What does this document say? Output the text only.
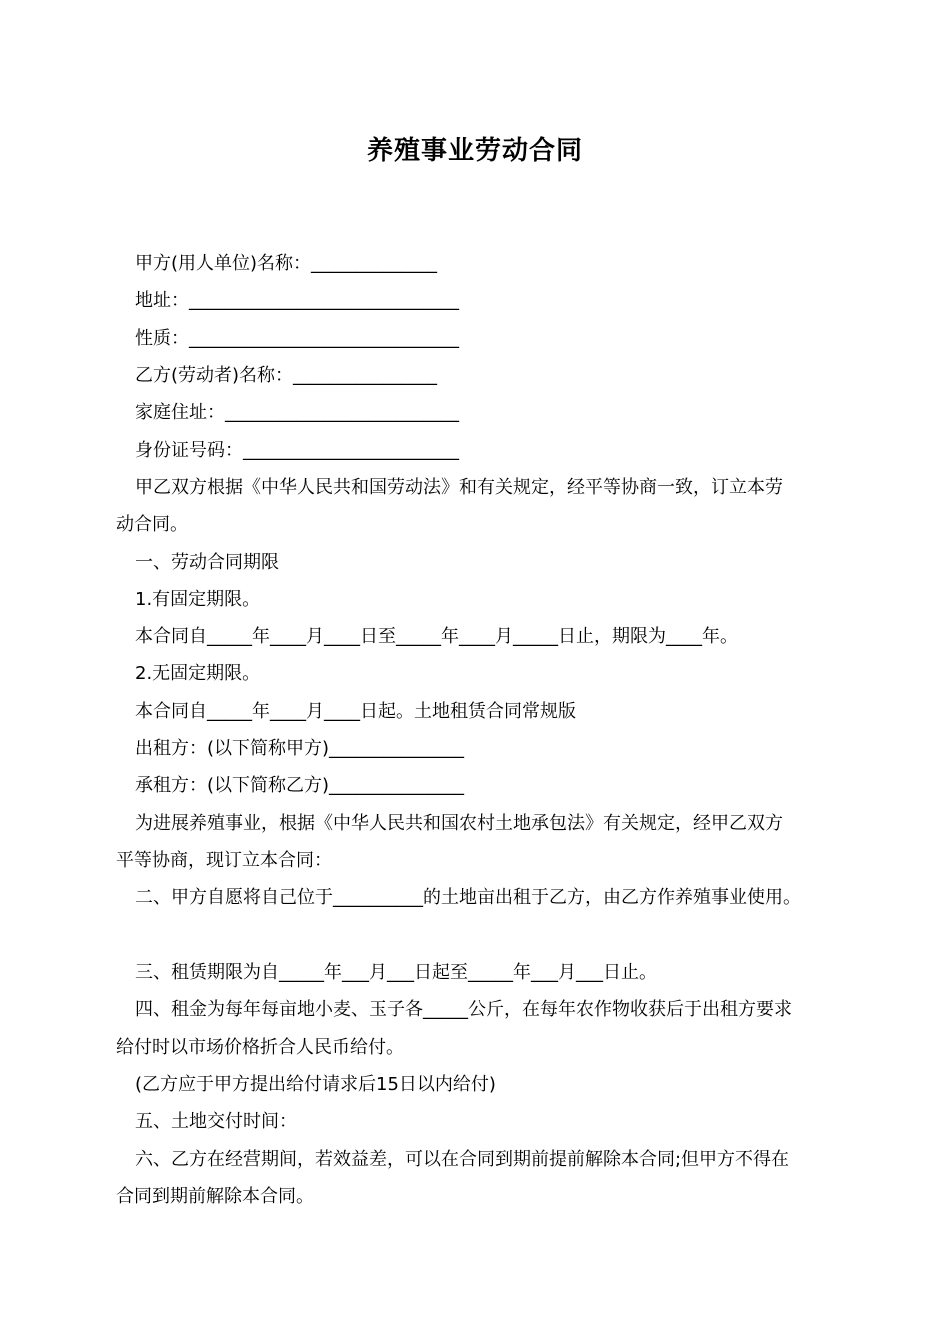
养殖事业劳动合同
甲方(用人单位)名称：______________
地址：______________________________
性质：______________________________
乙方(劳动者)名称：________________
家庭住址：__________________________
身份证号码：________________________
甲乙双方根据《中华人民共和国劳动法》和有关规定，经平等协商一致，订立本劳
动合同。
一、劳动合同期限
1.有固定期限。
本合同自_____年____月____日至_____年____月_____日止，期限为____年。
2.无固定期限。
本合同自_____年____月____日起。土地租赁合同常规版
出租方：(以下简称甲方)_______________
承租方：(以下简称乙方)_______________
为进展养殖事业，根据《中华人民共和国农村土地承包法》有关规定，经甲乙双方
平等协商，现订立本合同：
二、甲方自愿将自己位于__________的土地亩出租于乙方，由乙方作养殖事业使用。
三、租赁期限为自_____年___月___日起至_____年___月___日止。
四、租金为每年每亩地小麦、玉子各_____公斤，在每年农作物收获后于出租方要求
给付时以市场价格折合人民币给付。
(乙方应于甲方提出给付请求后15日以内给付)
五、土地交付时间：
六、乙方在经营期间，若效益差，可以在合同到期前提前解除本合同;但甲方不得在
合同到期前解除本合同。
